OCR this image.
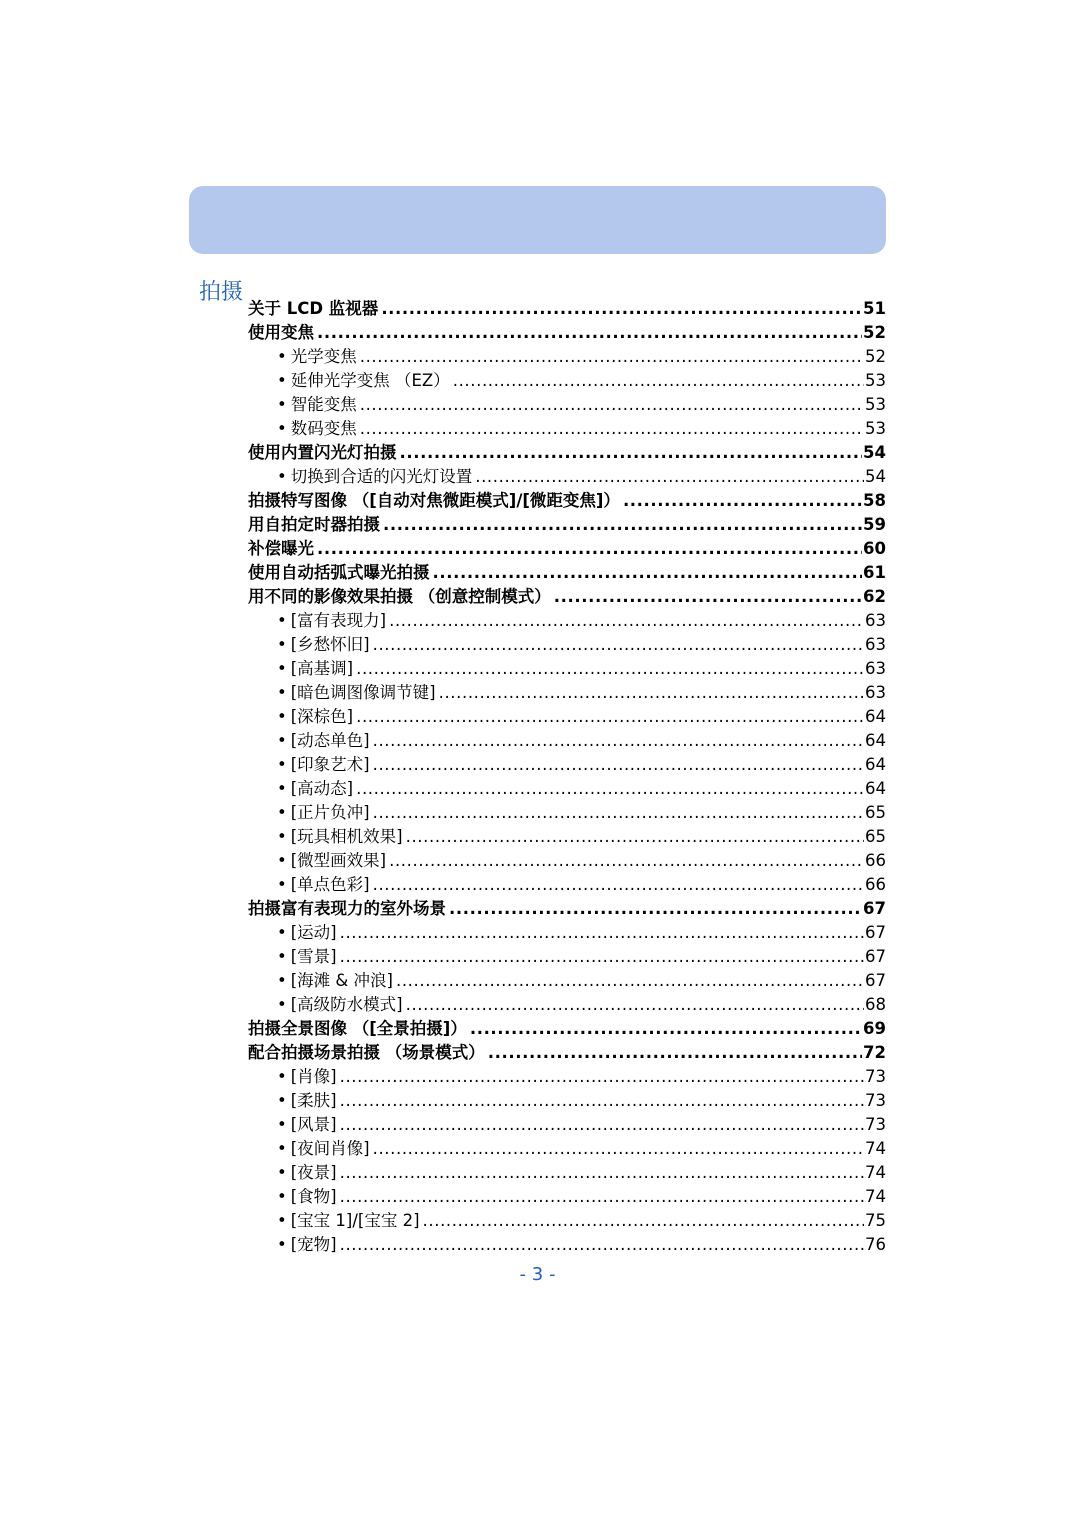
拍摄
关于 LCD 监视器 .....	51
使用变焦 .....	52
• 光学变焦 .....	52
• 延伸光学变焦 （EZ） .....	53
• 智能变焦 .....	53
• 数码变焦 .....	53
使用内置闪光灯拍摄 .....	54
• 切换到合适的闪光灯设置 .....	54
拍摄特写图像 （[自动对焦微距模式]/[微距变焦]） .....	58
用自拍定时器拍摄 .....	59
补偿曝光 .....	60
使用自动括弧式曝光拍摄 .....	61
用不同的影像效果拍摄 （创意控制模式） .....	62
• [富有表现力] .....	63
• [乡愁怀旧] .....	63
• [高基调] .....	63
• [暗色调图像调节键] .....	63
• [深棕色] .....	64
• [动态单色] .....	64
• [印象艺术] .....	64
• [高动态] .....	64
• [正片负冲] .....	65
• [玩具相机效果] .....	65
• [微型画效果] .....	66
• [单点色彩] .....	66
拍摄富有表现力的室外场景 .....	67
• [运动] .....	67
• [雪景] .....	67
• [海滩 & 冲浪] .....	67
• [高级防水模式] .....	68
拍摄全景图像 （[全景拍摄]） .....	69
配合拍摄场景拍摄 （场景模式） .....	72
• [肖像] .....	73
• [柔肤] .....	73
• [风景] .....	73
• [夜间肖像] .....	74
• [夜景] .....	74
• [食物] .....	74
• [宝宝 1]/[宝宝 2] .....	75
• [宠物] .....	76
- 3 -
